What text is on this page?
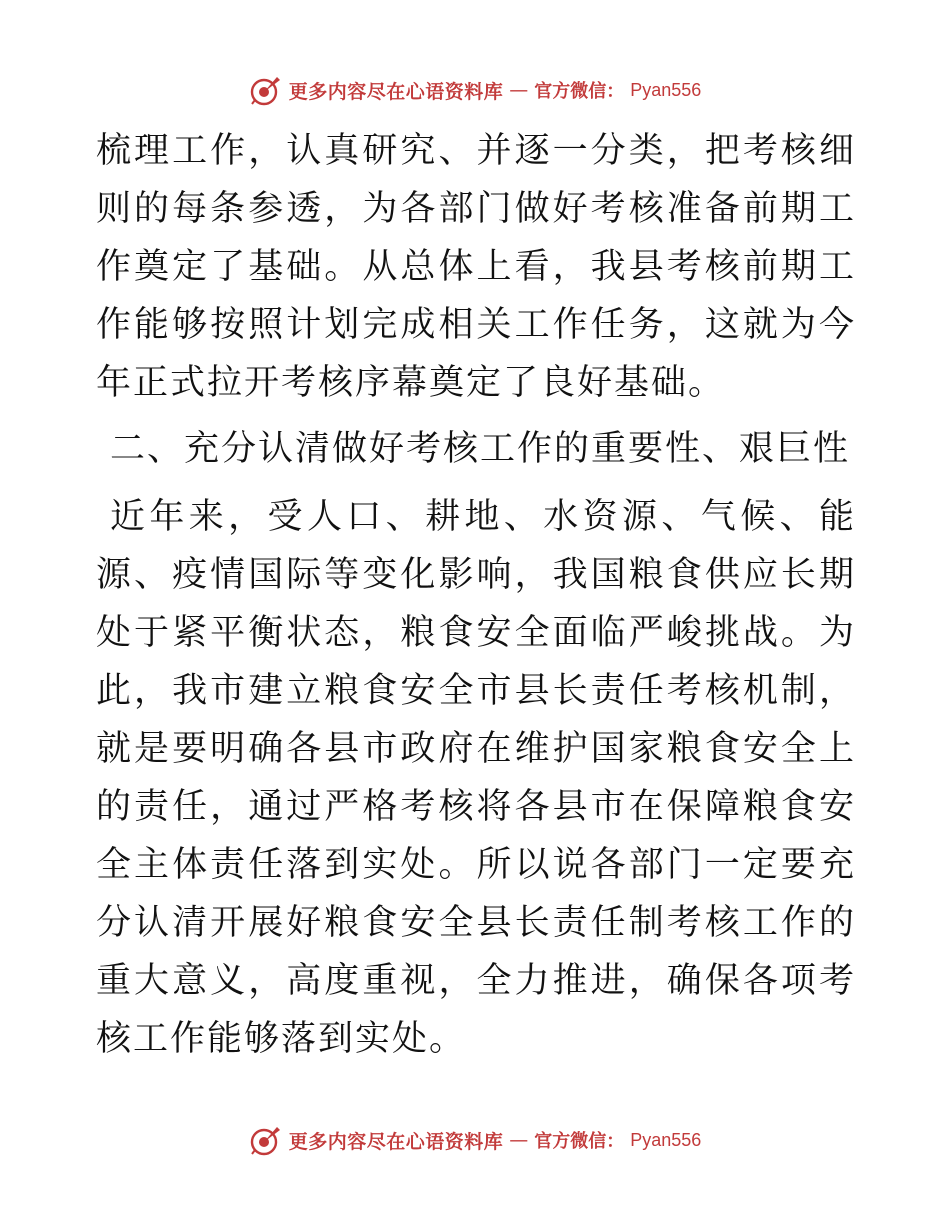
更多内容尽在心语资料库 — 官方微信： Pyan556

梳理工作，认真研究、并逐一分类，把考核细则的每条参透，为各部门做好考核准备前期工作奠定了基础。从总体上看，我县考核前期工作能够按照计划完成相关工作任务，这就为今年正式拉开考核序幕奠定了良好基础。

二、充分认清做好考核工作的重要性、艰巨性

近年来，受人口、耕地、水资源、气候、能源、疫情国际等变化影响，我国粮食供应长期处于紧平衡状态，粮食安全面临严峻挑战。为此，我市建立粮食安全市县长责任考核机制，就是要明确各县市政府在维护国家粮食安全上的责任，通过严格考核将各县市在保障粮食安全主体责任落到实处。所以说各部门一定要充分认清开展好粮食安全县长责任制考核工作的重大意义，高度重视，全力推进，确保各项考核工作能够落到实处。

更多内容尽在心语资料库 — 官方微信： Pyan556
